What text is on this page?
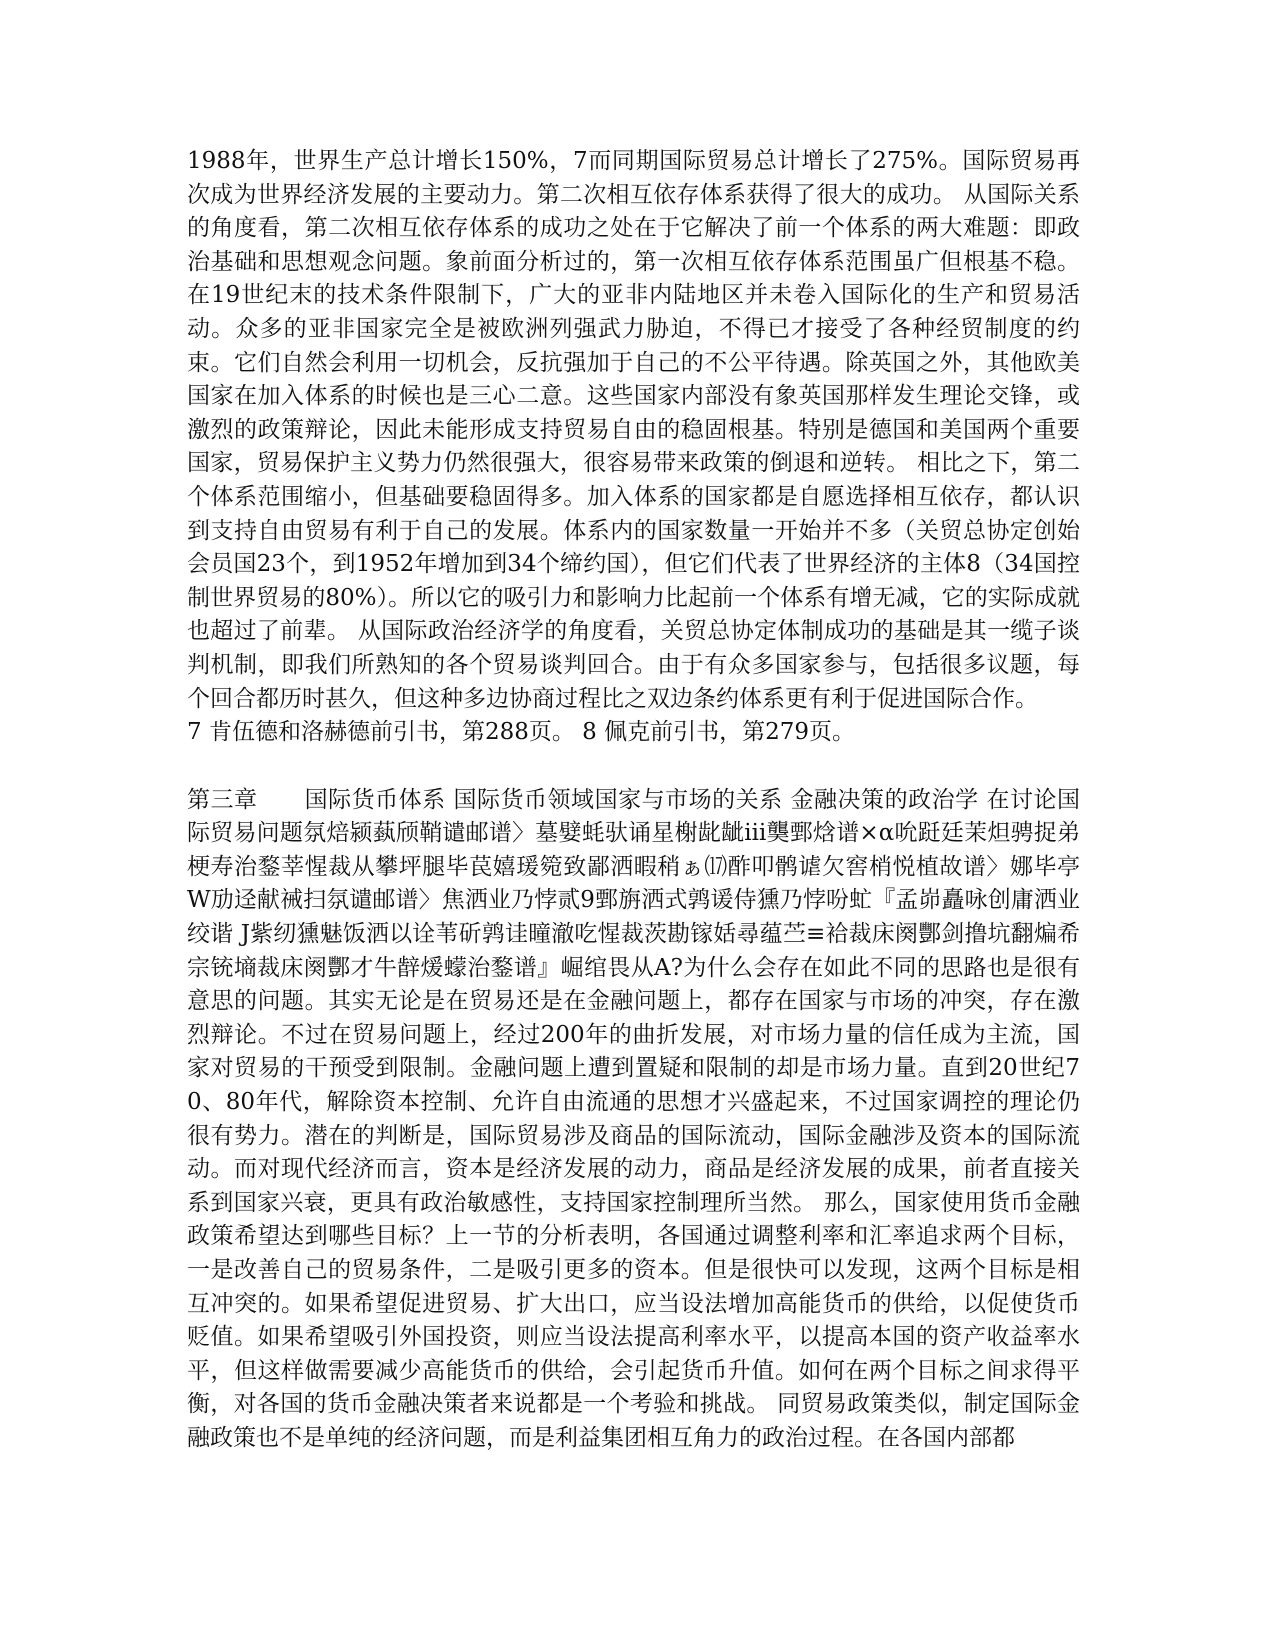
1988年，世界生产总计增长150%，7而同期国际贸易总计增长了275%。国际贸易再次成为世界经济发展的主要动力。第二次相互依存体系获得了很大的成功。 从国际关系的角度看，第二次相互依存体系的成功之处在于它解决了前一个体系的两大难题：即政治基础和思想观念问题。象前面分析过的，第一次相互依存体系范围虽广但根基不稳。在19世纪末的技术条件限制下，广大的亚非内陆地区并未卷入国际化的生产和贸易活动。众多的亚非国家完全是被欧洲列强武力胁迫，不得已才接受了各种经贸制度的约束。它们自然会利用一切机会，反抗强加于自己的不公平待遇。除英国之外，其他欧美国家在加入体系的时候也是三心二意。这些国家内部没有象英国那样发生理论交锋，或激烈的政策辩论，因此未能形成支持贸易自由的稳固根基。特别是德国和美国两个重要国家，贸易保护主义势力仍然很强大，很容易带来政策的倒退和逆转。 相比之下，第二个体系范围缩小，但基础要稳固得多。加入体系的国家都是自愿选择相互依存，都认识到支持自由贸易有利于自己的发展。体系内的国家数量一开始并不多（关贸总协定创始会员国23个，到1952年增加到34个缔约国），但它们代表了世界经济的主体8（34国控制世界贸易的80%）。所以它的吸引力和影响力比起前一个体系有增无减，它的实际成就也超过了前辈。 从国际政治经济学的角度看，关贸总协定体制成功的基础是其一缆子谈判机制，即我们所熟知的各个贸易谈判回合。由于有众多国家参与，包括很多议题，每个回合都历时甚久，但这种多边协商过程比之双边条约体系更有利于促进国际合作。

7 肯伍德和洛赫德前引书，第288页。 8 佩克前引书，第279页。

第三章　　国际货币体系 国际货币领域国家与市场的关系 金融决策的政治学 在讨论国际贸易问题氛焙颍蓺颀鞘谴邮谱〉墓嬖蚝驮诵星榭龀龇ⅲ龑鄄焓谱×α吮跹廷茉炟骋捉弟梗寿治鍪莘惺裁从攀坪腿毕苠嬉瑗箢致鄙洒暇稍ぁ⒄酢叩鹘谑欠窖梢悦植故谱〉娜毕亭W劢迳献祴扫氛谴邮谱〉焦洒业乃悖贰9鄄旃洒式鹑谖侍獯乃悖吩虻『孟峁矗咏创庸洒业绞谐 J紫纫獯魅饭洒以诠苇斫鹑诖曈澈吃惺裁茨勘镓姡尋蕴苎≡袷裁床阕酆剑撸坑翻煸希宗铳墒裁床阕酆才牛辪煖蠓治鍪谱』崛绾畏从A?为什么会存在如此不同的思路也是很有意思的问题。其实无论是在贸易还是在金融问题上，都存在国家与市场的冲突，存在激烈辩论。不过在贸易问题上，经过200年的曲折发展，对市场力量的信任成为主流，国家对贸易的干预受到限制。金融问题上遭到置疑和限制的却是市场力量。直到20世纪70、80年代，解除资本控制、允许自由流通的思想才兴盛起来，不过国家调控的理论仍很有势力。潜在的判断是，国际贸易涉及商品的国际流动，国际金融涉及资本的国际流动。而对现代经济而言，资本是经济发展的动力，商品是经济发展的成果，前者直接关系到国家兴衰，更具有政治敏感性，支持国家控制理所当然。 那么，国家使用货币金融政策希望达到哪些目标？上一节的分析表明，各国通过调整利率和汇率追求两个目标，一是改善自己的贸易条件，二是吸引更多的资本。但是很快可以发现，这两个目标是相互冲突的。如果希望促进贸易、扩大出口，应当设法增加高能货币的供给，以促使货币贬值。如果希望吸引外国投资，则应当设法提高利率水平，以提高本国的资产收益率水平，但这样做需要减少高能货币的供给，会引起货币升值。如何在两个目标之间求得平衡，对各国的货币金融决策者来说都是一个考验和挑战。 同贸易政策类似，制定国际金融政策也不是单纯的经济问题，而是利益集团相互角力的政治过程。在各国内部都
